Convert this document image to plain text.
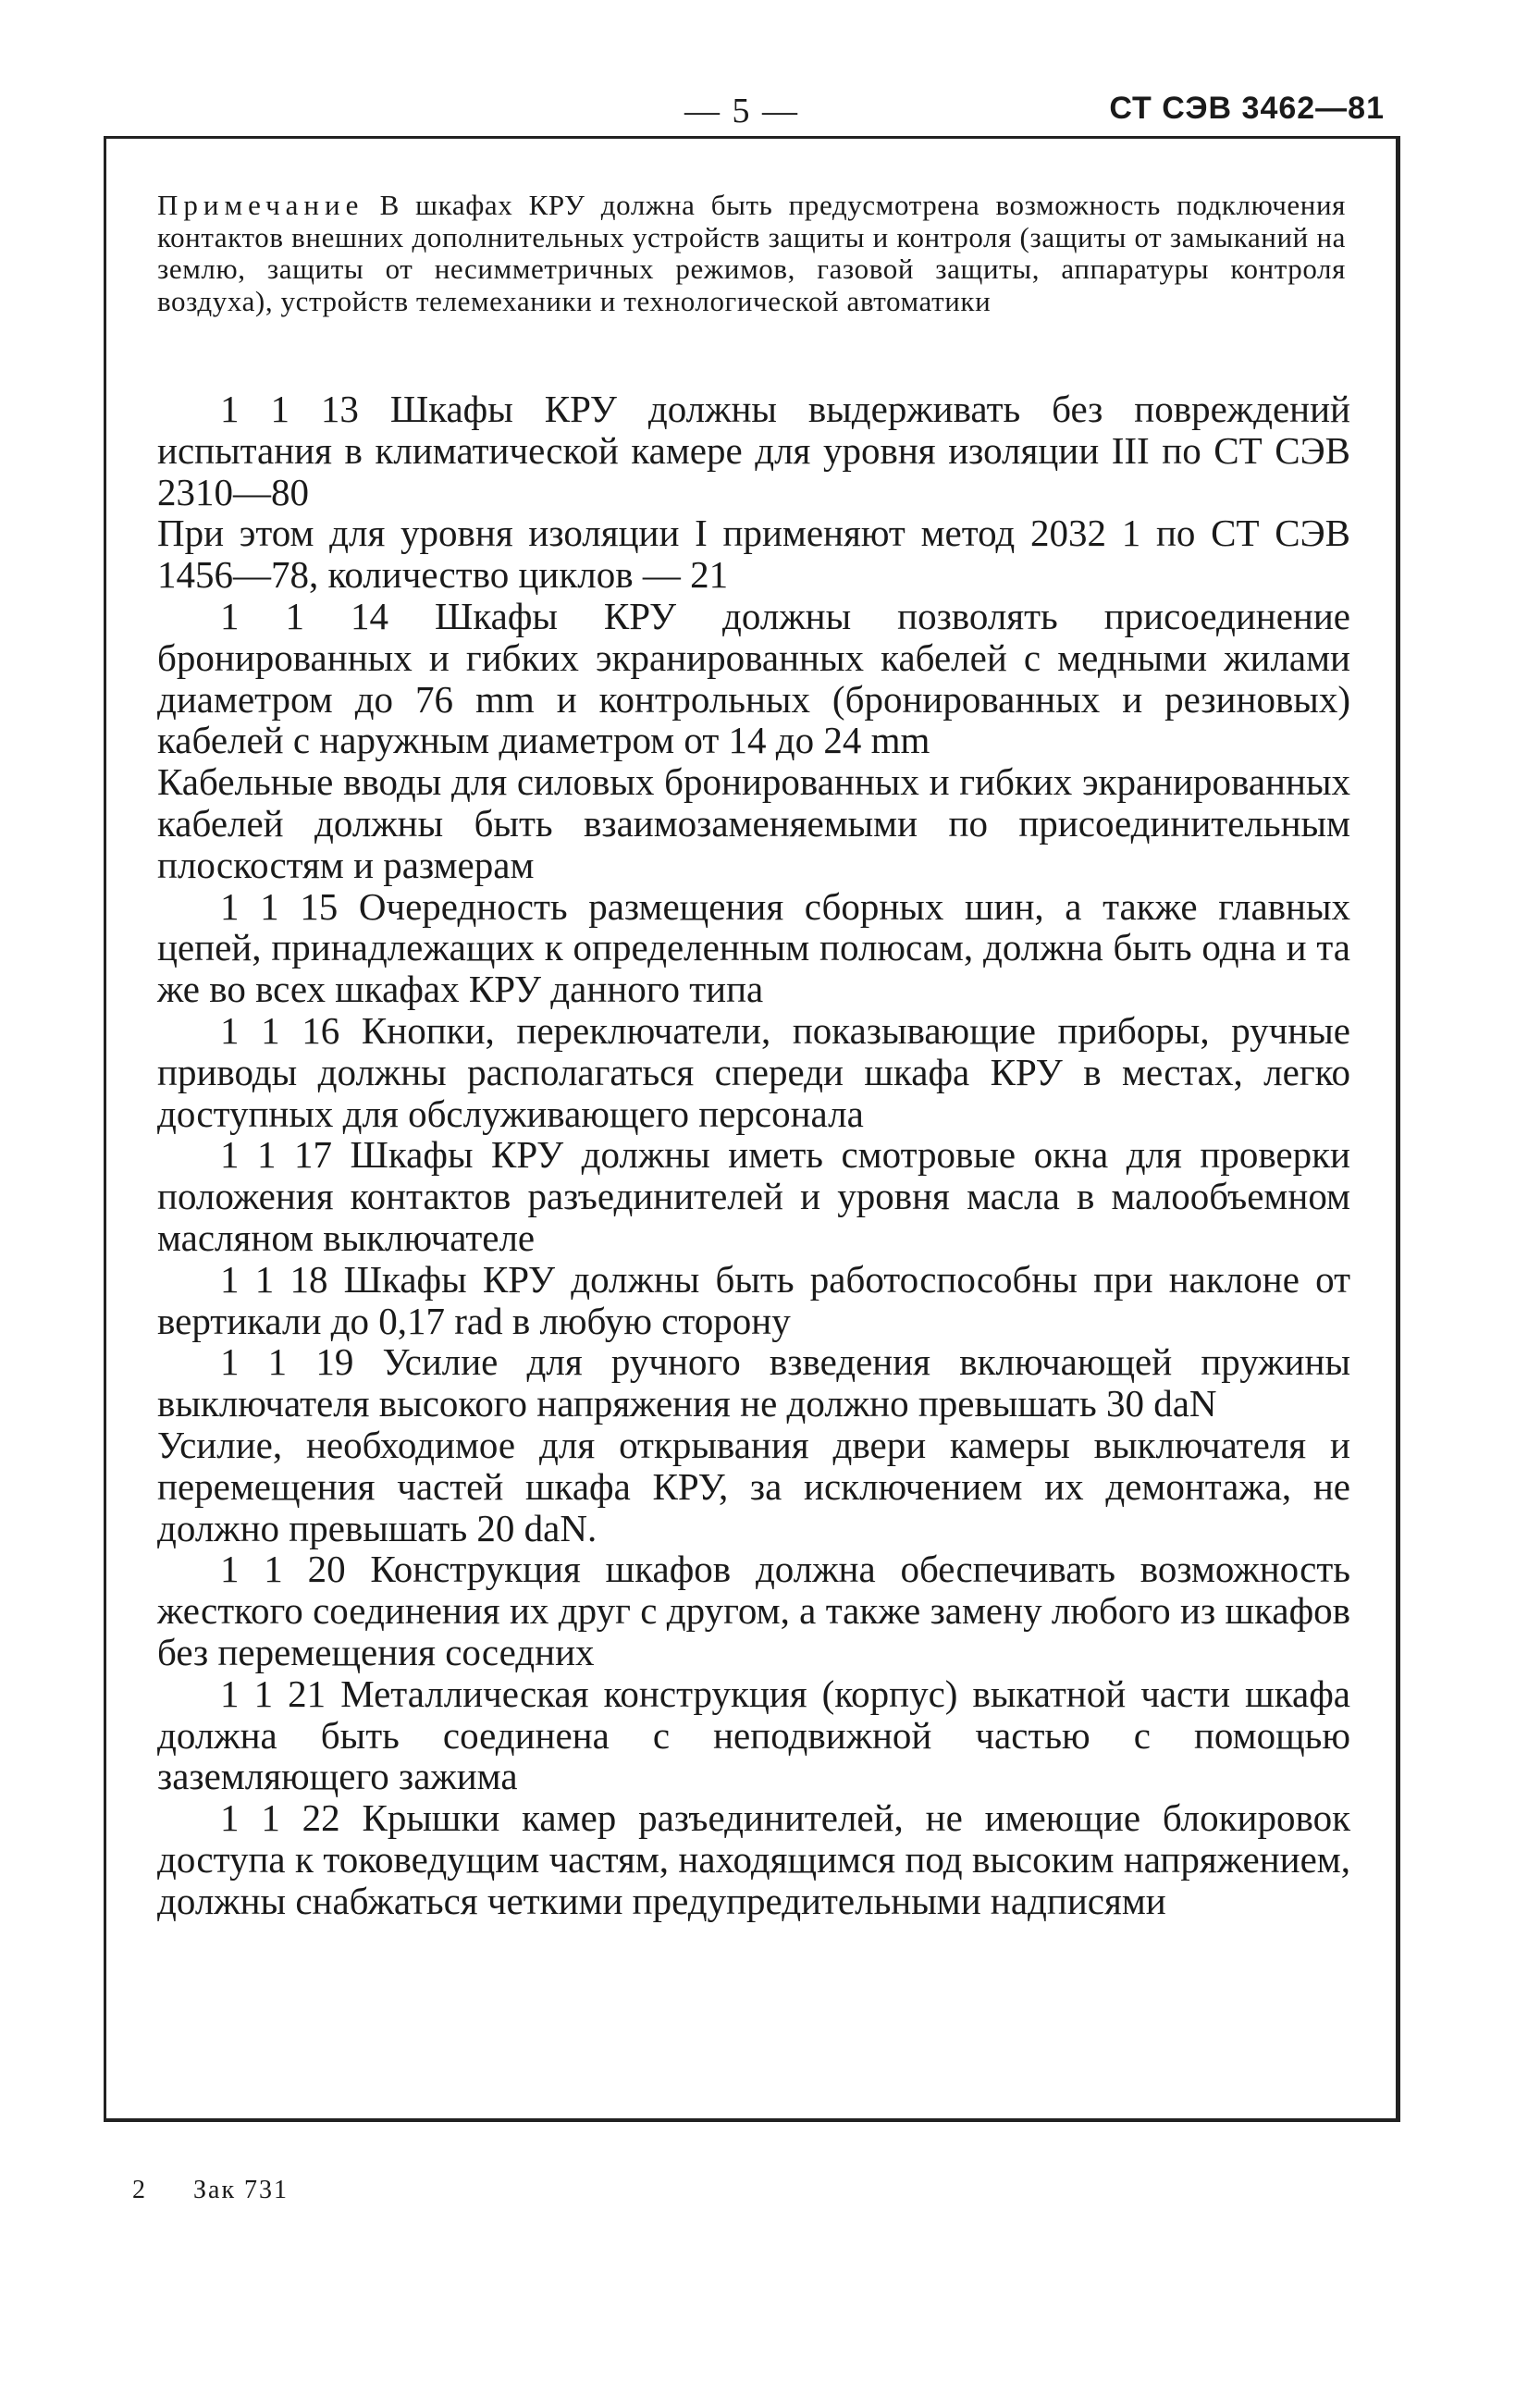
— 5 —	СТ СЭВ 3462—81
Примечание В шкафах КРУ должна быть предусмотрена возможность подключения контактов внешних дополнительных устройств защиты и контроля (защиты от замыканий на землю, защиты от несимметричных режимов, газовой защиты, аппаратуры контроля воздуха), устройств телемеханики и технологической автоматики

1 1 13 Шкафы КРУ должны выдерживать без повреждений испытания в климатической камере для уровня изоляции III по СТ СЭВ 2310—80

При этом для уровня изоляции I применяют метод 2032 1 по СТ СЭВ 1456—78, количество циклов — 21

1 1 14 Шкафы КРУ должны позволять присоединение бронированных и гибких экранированных кабелей с медными жилами диаметром до 76 mm и контрольных (бронированных и резиновых) кабелей с наружным диаметром от 14 до 24 mm

Кабельные вводы для силовых бронированных и гибких экранированных кабелей должны быть взаимозаменяемыми по присоединительным плоскостям и размерам

1 1 15 Очередность размещения сборных шин, а также главных цепей, принадлежащих к определенным полюсам, должна быть одна и та же во всех шкафах КРУ данного типа

1 1 16 Кнопки, переключатели, показывающие приборы, ручные приводы должны располагаться спереди шкафа КРУ в местах, легко доступных для обслуживающего персонала

1 1 17 Шкафы КРУ должны иметь смотровые окна для проверки положения контактов разъединителей и уровня масла в малообъемном масляном выключателе

1 1 18 Шкафы КРУ должны быть работоспособны при наклоне от вертикали до 0,17 rad в любую сторону

1 1 19 Усилие для ручного взведения включающей пружины выключателя высокого напряжения не должно превышать 30 daN

Усилие, необходимое для открывания двери камеры выключателя и перемещения частей шкафа КРУ, за исключением их демонтажа, не должно превышать 20 daN.

1 1 20 Конструкция шкафов должна обеспечивать возможность жесткого соединения их друг с другом, а также замену любого из шкафов без перемещения соседних

1 1 21 Металлическая конструкция (корпус) выкатной части шкафа должна быть соединена с неподвижной частью с помощью заземляющего зажима

1 1 22 Крышки камер разъединителей, не имеющие блокировок доступа к токоведущим частям, находящимся под высоким напряжением, должны снабжаться четкими предупредительными надписями

2 Зак 731
